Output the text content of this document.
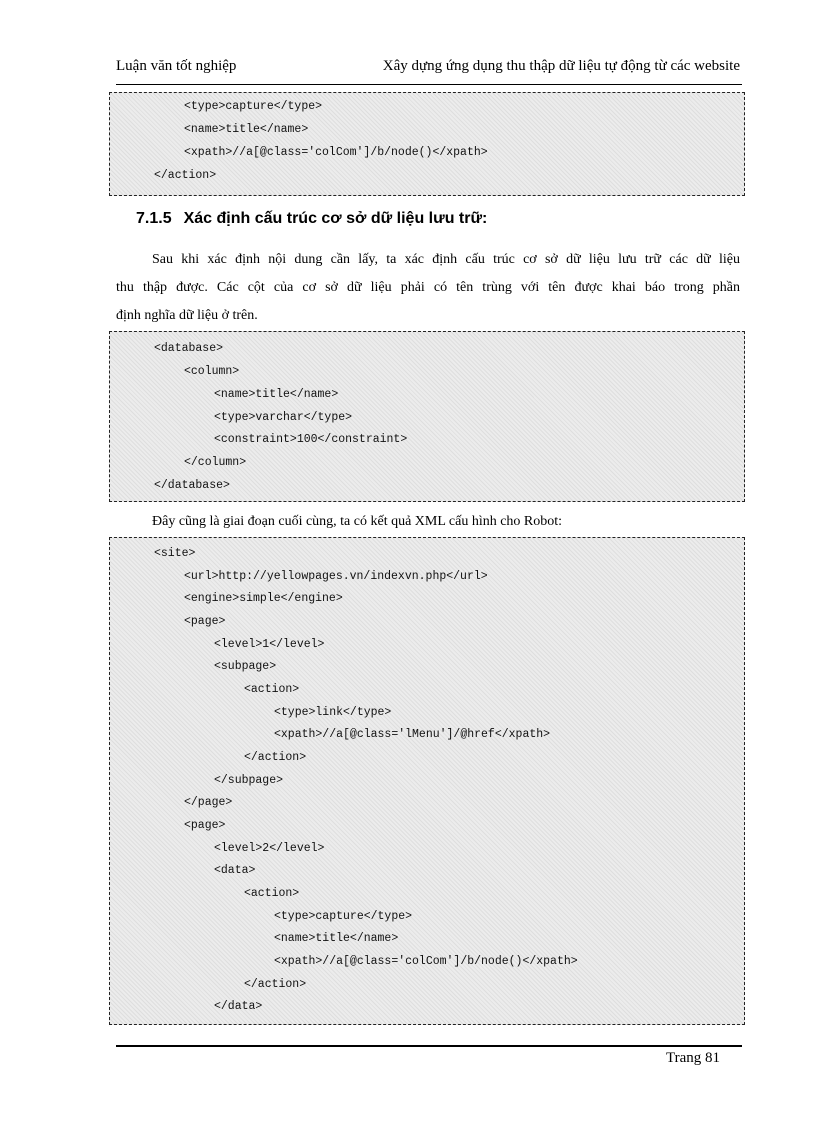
Luận văn tốt nghiệp	Xây dựng ứng dụng thu thập dữ liệu tự động từ các website
<type>capture</type>
<name>title</name>
<xpath>//a[@class='colCom']/b/node()</xpath>
</action>
7.1.5 Xác định cấu trúc cơ sở dữ liệu lưu trữ:
Sau khi xác định nội dung cần lấy, ta xác định cấu trúc cơ sở dữ liệu lưu trữ các dữ liệu
thu thập được. Các cột của cơ sở dữ liệu phải có tên trùng với tên được khai báo trong phần
định nghĩa dữ liệu ở trên.
<database>
<column>
<name>title</name>
<type>varchar</type>
<constraint>100</constraint>
</column>
</database>
Đây cũng là giai đoạn cuối cùng, ta có kết quả XML cấu hình cho Robot:
<site>
<url>http://yellowpages.vn/indexvn.php</url>
<engine>simple</engine>
<page>
<level>1</level>
<subpage>
<action>
<type>link</type>
<xpath>//a[@class='lMenu']/@href</xpath>
</action>
</subpage>
</page>
<page>
<level>2</level>
<data>
<action>
<type>capture</type>
<name>title</name>
<xpath>//a[@class='colCom']/b/node()</xpath>
</action>
</data>
Trang 81
